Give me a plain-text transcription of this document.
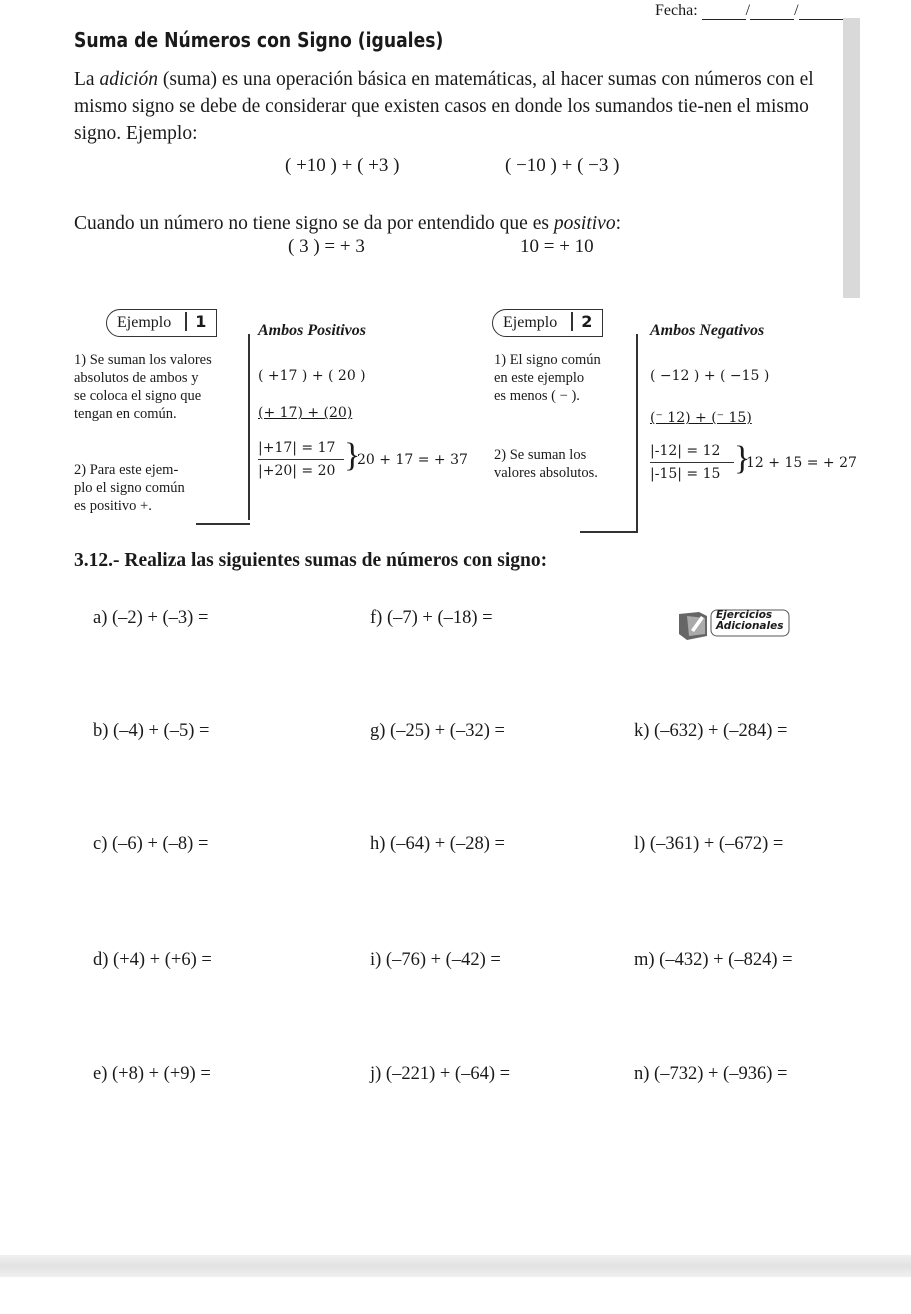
Fecha:	/	/
Suma de Números con Signo (iguales)
La adición (suma) es una operación básica en matemáticas, al hacer sumas con números con el mismo signo se debe de considerar que existen casos en donde los sumandos tie-nen el mismo signo. Ejemplo:
( +10 ) + ( +3 )	( −10 ) + ( −3 )
Cuando un número no tiene signo se da por entendido que es positivo:
( 3 ) = + 3	10 = + 10
Ejemplo 1	Ambos Positivos
1) Se suman los valores
absolutos de ambos y
se coloca el signo que
tengan en común.
2) Para este ejem-
plo el signo común
es positivo +.
( +17 ) + ( 20 )
(+ 17) + (20)
|+17| = 17
|+20| = 20 }
20 + 17 = + 37
Ejemplo 2	Ambos Negativos
1) El signo común
en este ejemplo
es menos ( − ).
2) Se suman los
valores absolutos.
( −12 ) + ( −15 )
(⁻ 12) + (⁻ 15)
|-12| = 12
|-15| = 15 }
12 + 15 = + 27
3.12.- Realiza las siguientes sumas de números con signo:
Ejercicios
Adicionales
a) (–2) + (–3) =
b) (–4) + (–5) =
c) (–6) + (–8) =
d) (+4) + (+6) =
e) (+8) + (+9) =
f) (–7) + (–18) =
g) (–25) + (–32) =
h) (–64) + (–28) =
i) (–76) + (–42) =
j) (–221) + (–64) =
k) (–632) + (–284) =
l) (–361) + (–672) =
m) (–432) + (–824) =
n) (–732) + (–936) =
